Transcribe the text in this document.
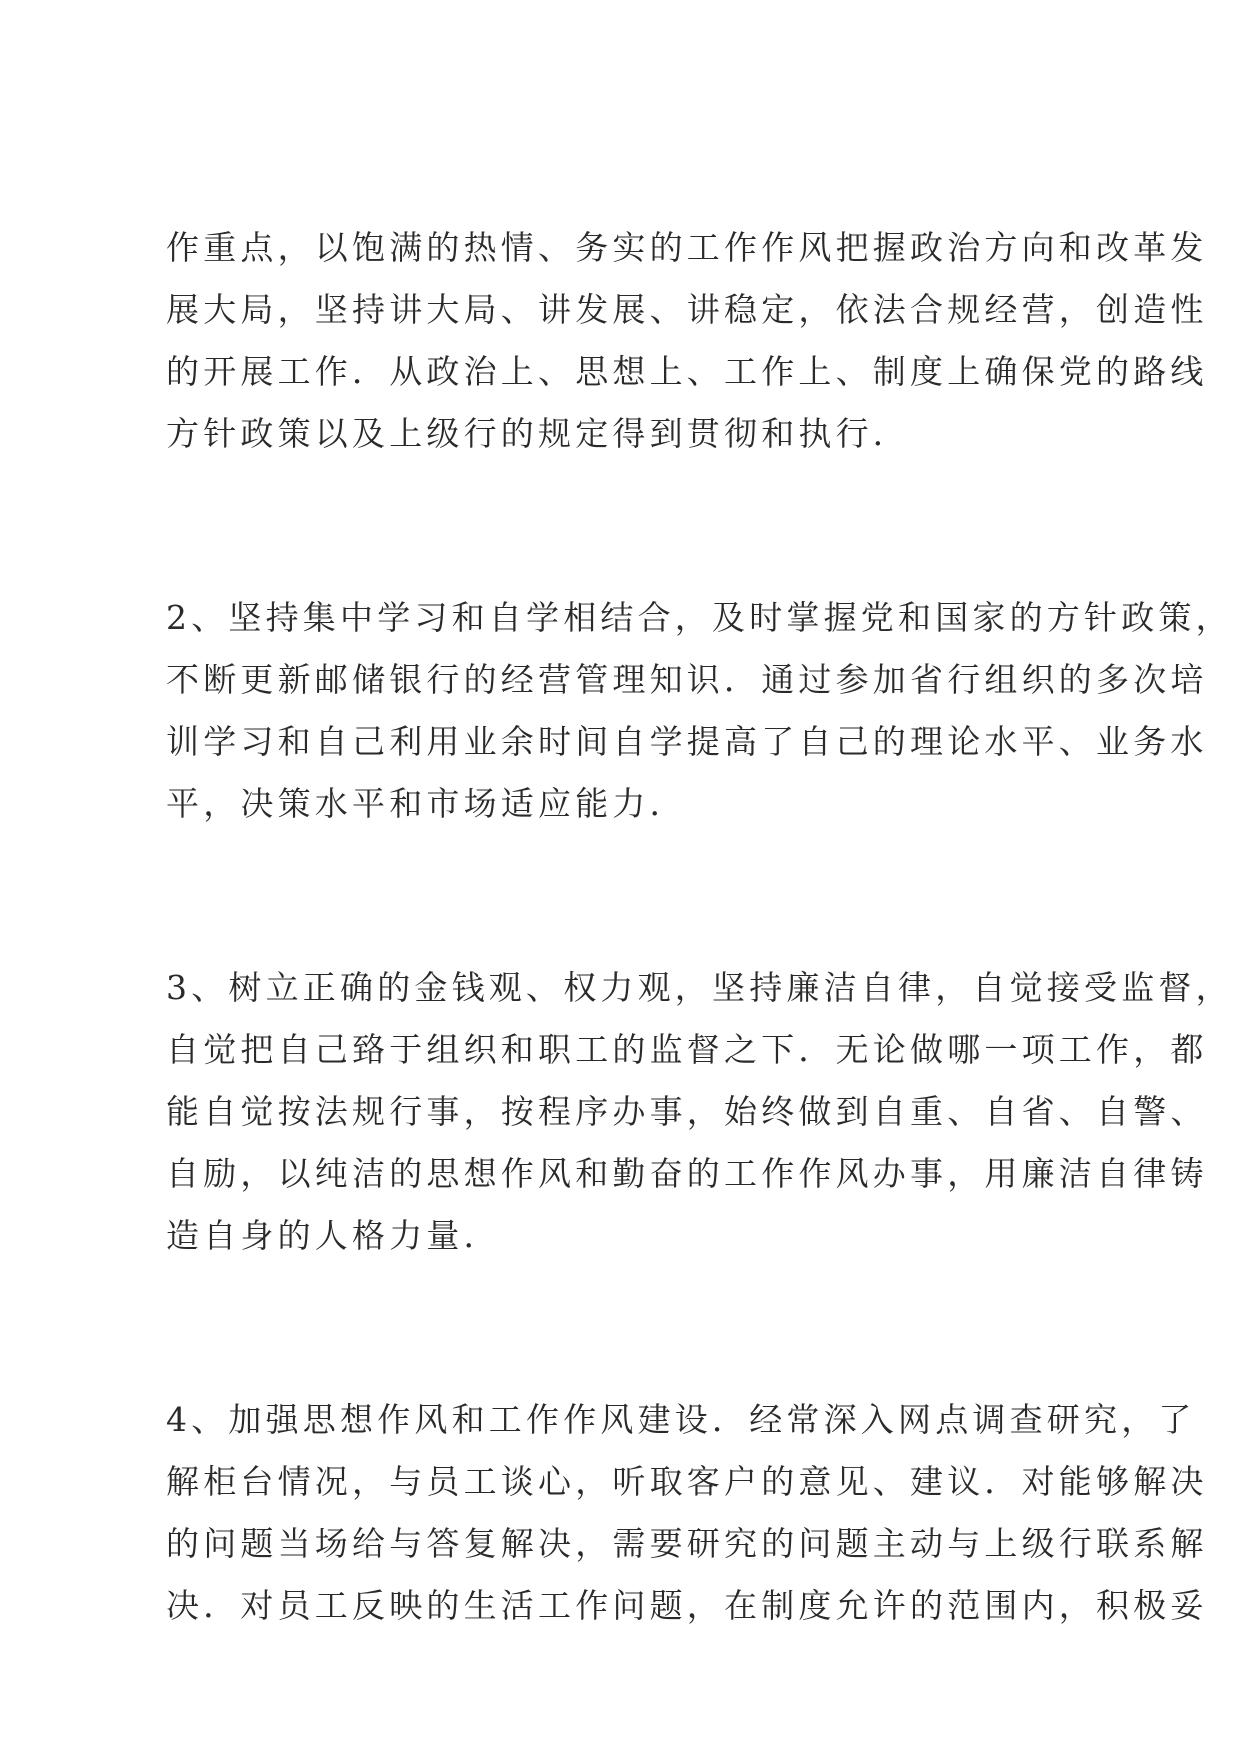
作重点，以饱满的热情、务实的工作作风把握政治方向和改革发
展大局，坚持讲大局、讲发展、讲稳定，依法合规经营，创造性
的开展工作．从政治上、思想上、工作上、制度上确保党的路线
方针政策以及上级行的规定得到贯彻和执行．
2、坚持集中学习和自学相结合，及时掌握党和国家的方针政策，
不断更新邮储银行的经营管理知识．通过参加省行组织的多次培
训学习和自己利用业余时间自学提高了自己的理论水平、业务水
平，决策水平和市场适应能力．
3、树立正确的金钱观、权力观，坚持廉洁自律，自觉接受监督，
自觉把自己臵于组织和职工的监督之下．无论做哪一项工作，都
能自觉按法规行事，按程序办事，始终做到自重、自省、自警、
自励，以纯洁的思想作风和勤奋的工作作风办事，用廉洁自律铸
造自身的人格力量．
4、加强思想作风和工作作风建设．经常深入网点调查研究，了
解柜台情况，与员工谈心，听取客户的意见、建议．对能够解决
的问题当场给与答复解决，需要研究的问题主动与上级行联系解
决．对员工反映的生活工作问题，在制度允许的范围内，积极妥
